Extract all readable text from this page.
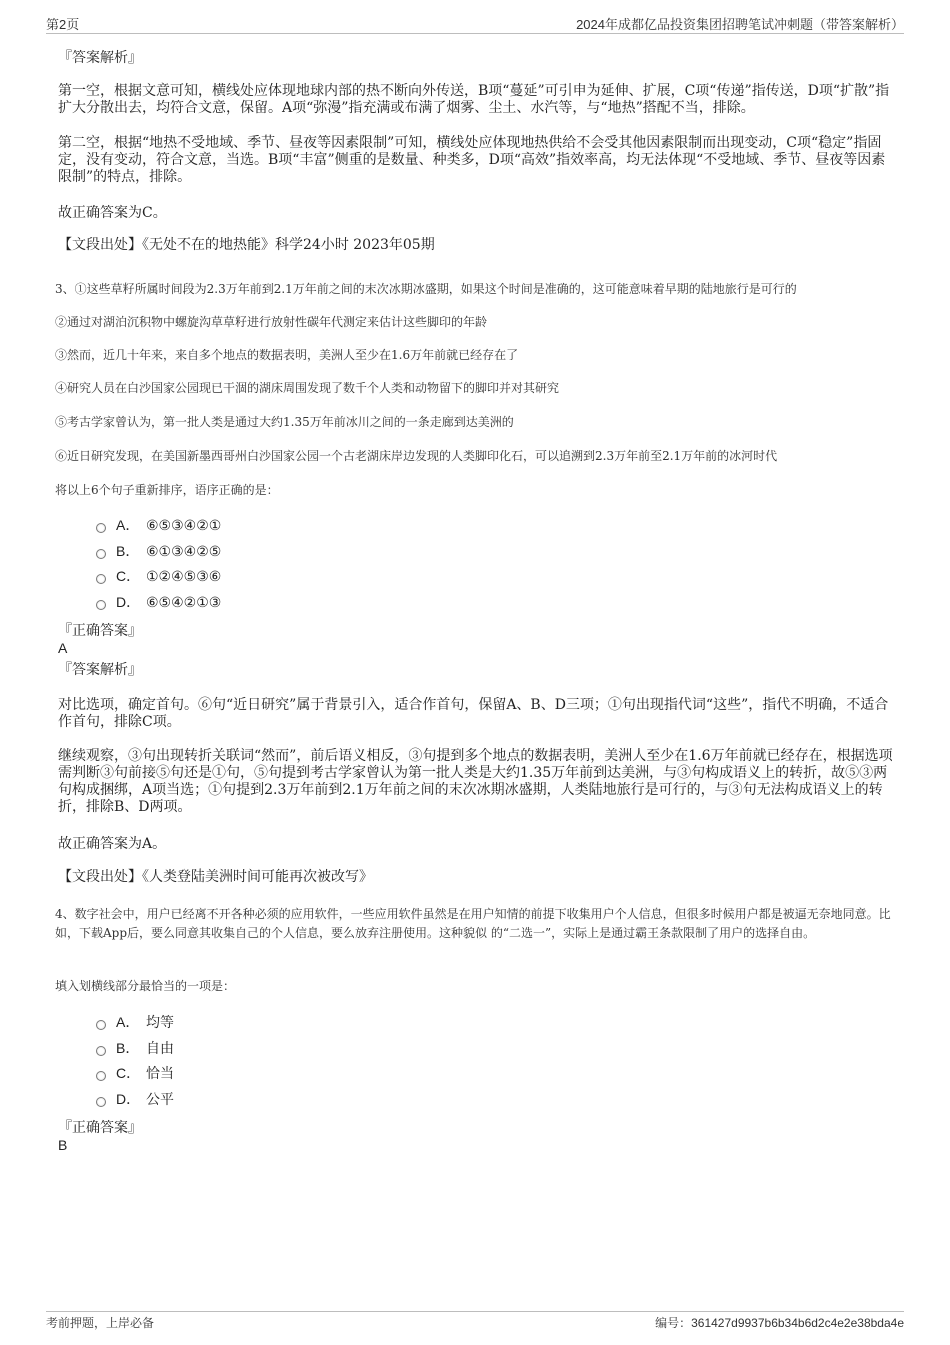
第2页	2024年成都亿品投资集团招聘笔试冲刺题（带答案解析）

『答案解析』

第一空，根据文意可知，横线处应体现地球内部的热不断向外传送，B项“蔓延”可引申为延伸、扩展，C项“传递”指传送，D项“扩散”指扩大分散出去，均符合文意，保留。A项“弥漫”指充满或布满了烟雾、尘土、水汽等，与“地热”搭配不当，排除。

第二空，根据“地热不受地域、季节、昼夜等因素限制”可知，横线处应体现地热供给不会受其他因素限制而出现变动，C项“稳定”指固定，没有变动，符合文意，当选。B项“丰富”侧重的是数量、种类多，D项“高效”指效率高，均无法体现“不受地域、季节、昼夜等因素限制”的特点，排除。

故正确答案为C。

【文段出处】《无处不在的地热能》科学24小时 2023年05期

3、①这些草籽所属时间段为2.3万年前到2.1万年前之间的末次冰期冰盛期，如果这个时间是准确的，这可能意味着早期的陆地旅行是可行的

②通过对湖泊沉积物中螺旋沟草草籽进行放射性碳年代测定来估计这些脚印的年龄

③然而，近几十年来，来自多个地点的数据表明，美洲人至少在1.6万年前就已经存在了

④研究人员在白沙国家公园现已干涸的湖床周围发现了数千个人类和动物留下的脚印并对其研究

⑤考古学家曾认为，第一批人类是通过大约1.35万年前冰川之间的一条走廊到达美洲的

⑥近日研究发现，在美国新墨西哥州白沙国家公园一个古老湖床岸边发现的人类脚印化石，可以追溯到2.3万年前至2.1万年前的冰河时代

将以上6个句子重新排序，语序正确的是：

A． ⑥⑤③④②①
B． ⑥①③④②⑤
C． ①②④⑤③⑥
D． ⑥⑤④②①③

『正确答案』

A

『答案解析』

对比选项，确定首句。⑥句“近日研究”属于背景引入，适合作首句，保留A、B、D三项；①句出现指代词“这些”，指代不明确，不适合作首句，排除C项。

继续观察，③句出现转折关联词“然而”，前后语义相反，③句提到多个地点的数据表明，美洲人至少在1.6万年前就已经存在，根据选项需判断③句前接⑤句还是①句，⑤句提到考古学家曾认为第一批人类是大约1.35万年前到达美洲，与③句构成语义上的转折，故⑤③两句构成捆绑，A项当选；①句提到2.3万年前到2.1万年前之间的末次冰期冰盛期，人类陆地旅行是可行的，与③句无法构成语义上的转折，排除B、D两项。

故正确答案为A。

【文段出处】《人类登陆美洲时间可能再次被改写》

4、数字社会中，用户已经离不开各种必须的应用软件，一些应用软件虽然是在用户知情的前提下收集用户个人信息，但很多时候用户都是被逼无奈地同意。比如，下载App后，要么同意其收集自己的个人信息，要么放弃注册使用。这种貌似 的“二选一”，实际上是通过霸王条款限制了用户的选择自由。

填入划横线部分最恰当的一项是：

A． 均等
B． 自由
C． 恰当
D． 公平

『正确答案』

B
考前押题，上岸必备	编号：361427d9937b6b34b6d2c4e2e38bda4e
